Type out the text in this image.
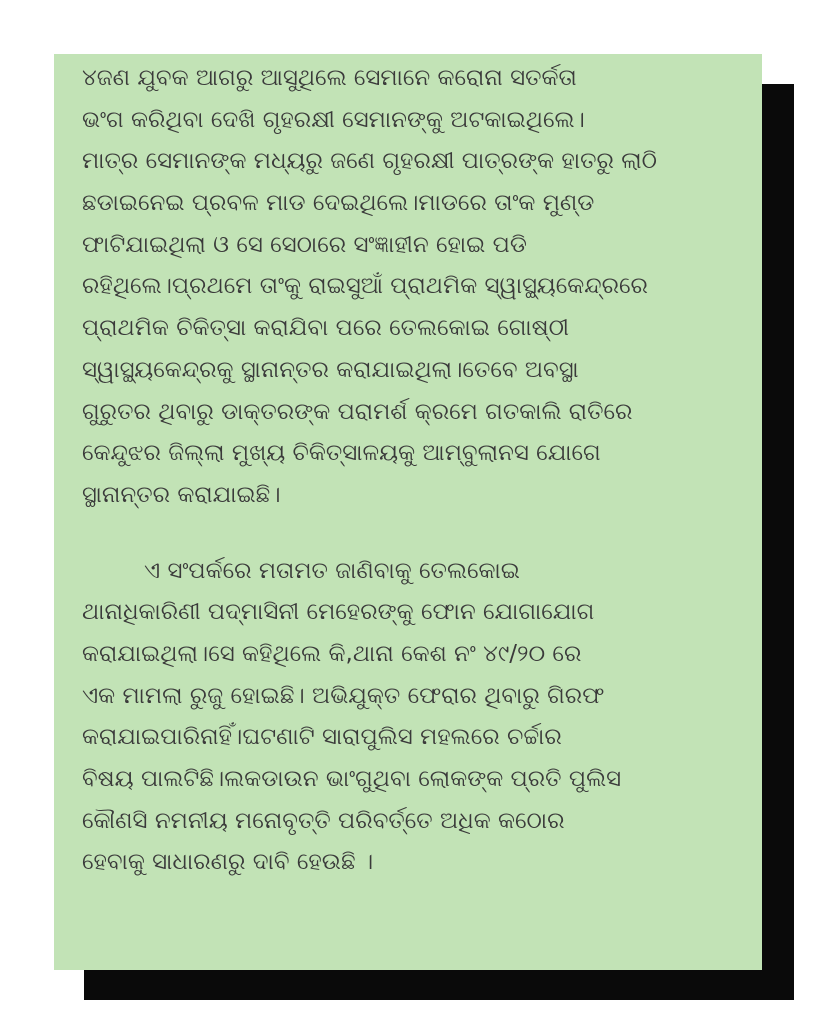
୪ଜଣ ଯୁବକ ଆଗରୁ ଆସୁଥିଲେ ସେମାନେ କରୋନା ସତର୍କତା
ଭଂଗ କରିଥିବା ଦେଖି ଗୃହରକ୍ଷୀ ସେମାନଙ୍କୁ ଅଟକାଇଥିଲେ।
ମାତ୍ର ସେମାନଙ୍କ ମଧ୍ୟରୁ ଜଣେ ଗୃହରକ୍ଷୀ ପାତ୍ରଙ୍କ ହାତରୁ ଲାଠି
ଛଡାଇନେଇ ପ୍ରବଳ ମାଡ ଦେଇଥିଲେ।ମାଡରେ ତାଂକ ମୁଣ୍ଡ
ଫାଟିଯାଇଥିଲା ଓ ସେ ସେଠାରେ ସଂଜ୍ଞାହୀନ ହୋଇ ପଡି
ରହିଥିଲେ।ପ୍ରଥମେ ତାଂକୁ ରାଇସୁଆଁ ପ୍ରାଥମିକ ସ୍ୱାସ୍ଥ୍ୟକେନ୍ଦ୍ରରେ
ପ୍ରାଥମିକ ଚିକିତ୍ସା କରାଯିବା ପରେ ତେଲକୋଇ ଗୋଷ୍ଠୀ
ସ୍ୱାସ୍ଥ୍ୟକେନ୍ଦ୍ରକୁ ସ୍ଥାନାନ୍ତର କରାଯାଇଥିଲା।ତେବେ ଅବସ୍ଥା
ଗୁରୁତର ଥିବାରୁ ଡାକ୍ତରଙ୍କ ପରାମର୍ଶ କ୍ରମେ ଗତକାଲି ରାତିରେ
କେନ୍ଦୁଝର ଜିଲ୍ଲା ମୁଖ୍ୟ ଚିକିତ୍ସାଳୟକୁ ଆମ୍ବୁଲାନସ ଯୋଗେ
ସ୍ଥାନାନ୍ତର କରାଯାଇଛି।
ଏ ସଂପର୍କରେ ମତାମତ ଜାଣିବାକୁ ତେଲକୋଇ
ଥାନାଧିକାରିଣୀ ପଦ୍ମାସିନୀ ମେହେରଙ୍କୁ ଫୋନ ଯୋଗାଯୋଗ
କରାଯାଇଥିଲା।ସେ କହିଥିଲେ କି,ଥାନା କେଶ ନଂ ୪୯/୨୦ ରେ
ଏକ ମାମଲା ରୁଜୁ ହୋଇଛି। ଅଭିଯୁକ୍ତ ଫେରାର ଥିବାରୁ ଗିରଫ
କରାଯାଇପାରିନାହିଁ।ଘଟଣାଟି ସାରାପୁଲିସ ମହଲରେ ଚର୍ଚ୍ଚାର
ବିଷୟ ପାଲଟିଛି।ଲକଡାଉନ ଭାଂଗୁଥିବା ଲୋକଙ୍କ ପ୍ରତି ପୁଲିସ
କୌଣସି ନମନୀୟ ମନୋବୃତ୍ତି ପରିବର୍ତ୍ତେ ଅଧିକ କଠୋର
ହେବାକୁ ସାଧାରଣରୁ ଦାବି ହେଉଛି ।
